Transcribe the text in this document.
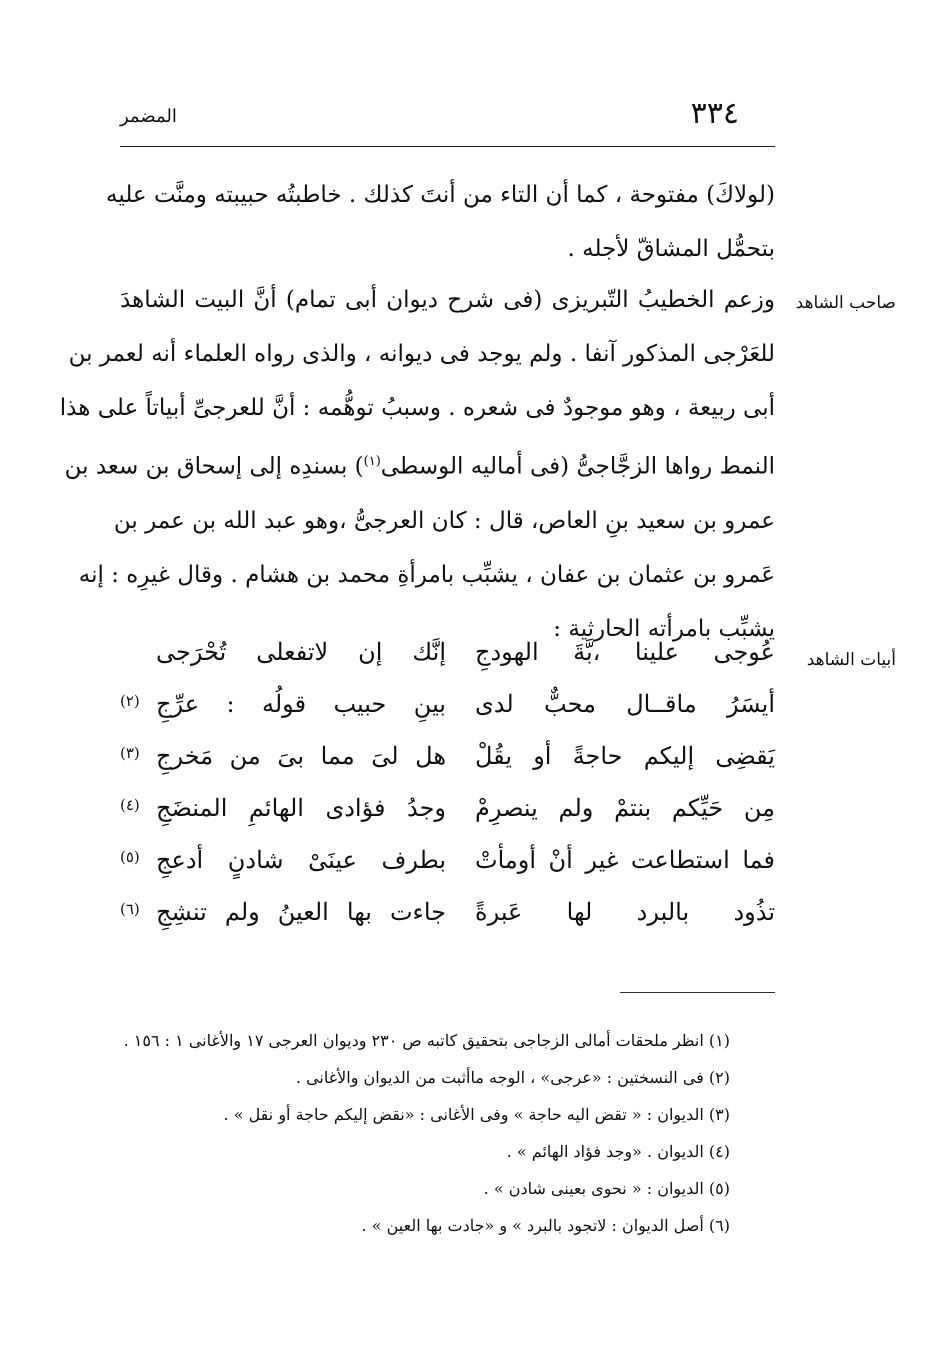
٣٣٤
المضمر
(لولاكَ) مفتوحة ، كما أن التاء من أنتَ كذلك . خاطبتُه حبيبته ومنَّت عليه
بتحمُّل المشاقّ لأجله .
صاحب الشاهد
وزعم الخطيبُ التّبريزى (فى شرح ديوان أبى تمام) أنَّ البيت الشاهدَ
للعَرْجى المذكور آنفا . ولم يوجد فى ديوانه ، والذى رواه العلماء أنه لعمر بن
أبى ربيعة ، وهو موجودٌ فى شعره . وسببُ توهُّمه : أنَّ للعرجىِّ أبياتاً على هذا
النمط رواها الزجَّاجىُّ (فى أماليه الوسطى$^{(١)}$) بسندِه إلى إسحاق بن سعد بن
عمرو بن سعيد بنِ العاص، قال : كان العرجىُّ ،وهو عبد الله بن عمر بن
عَمرو بن عثمان بن عفان ، يشبِّب بامرأةِ محمد بن هشام . وقال غيرِه : إنه
يشبِّب بامرأته الحارثية :
أبيات الشاهد
عُوجى علينا ،بَّةَ الهودجِ
إنَّك إن لاتفعلى تُحْرَجى
أيسَرُ ماقــال محبٌّ لدى
بينِ حبيب قولُه : عرِّجِ
(٢)
يَقضِى إليكم حاجةً أو يقُلْ
هل لىَ مما بىَ من مَخرجِ
(٣)
مِن حَيِّكم بنتمْ ولم ينصرِمْ
وجدُ فؤادى الهائمِ المنضَجِ
(٤)
فما استطاعت غير أنْ أومأتْ
بطرف عينَىْ شادنٍ أدعجِ
(٥)
تذُود بالبرد لها عَبرةً
جاءت بها العينُ ولم تنشِجِ
(٦)
(١) انظر ملحقات أمالى الزجاجى بتحقيق كاتبه ص ٢٣٠ وديوان العرجى ١٧ والأغانى ١ : ١٥٦ .
(٢) فى النسختين : «عرجى» ، الوجه ماأثبت من الديوان والأغانى .
(٣) الديوان : « تقض اليه حاجة » وفى الأغانى : «نقض إليكم حاجة أو نقل » .
(٤) الديوان . «وجد فؤاد الهائم » .
(٥) الديوان : « نحوى بعينى شادن » .
(٦) أصل الديوان : لاتجود بالبرد » و «جادت بها العين » .
